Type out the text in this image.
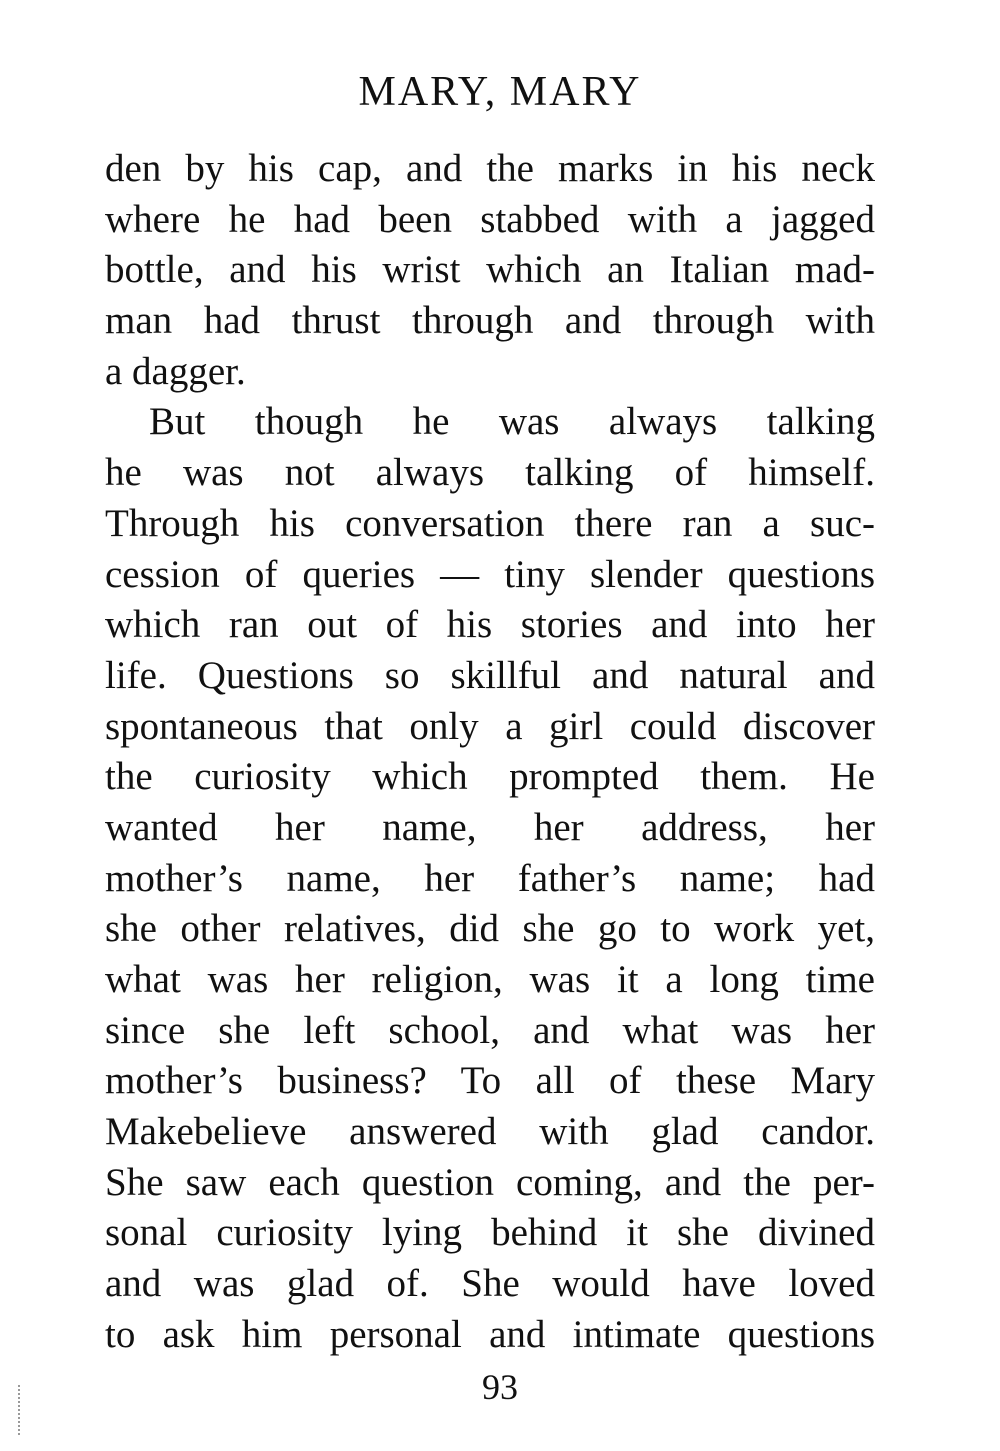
MARY, MARY
den by his cap, and the marks in his neck
where he had been stabbed with a jagged
bottle, and his wrist which an Italian mad-
man had thrust through and through with
a dagger.
But though he was always talking
he was not always talking of himself.
Through his conversation there ran a suc-
cession of queries — tiny slender questions
which ran out of his stories and into her
life. Questions so skillful and natural and
spontaneous that only a girl could discover
the curiosity which prompted them. He
wanted her name, her address, her
mother’s name, her father’s name; had
she other relatives, did she go to work yet,
what was her religion, was it a long time
since she left school, and what was her
mother’s business? To all of these Mary
Makebelieve answered with glad candor.
She saw each question coming, and the per-
sonal curiosity lying behind it she divined
and was glad of. She would have loved
to ask him personal and intimate questions
93
